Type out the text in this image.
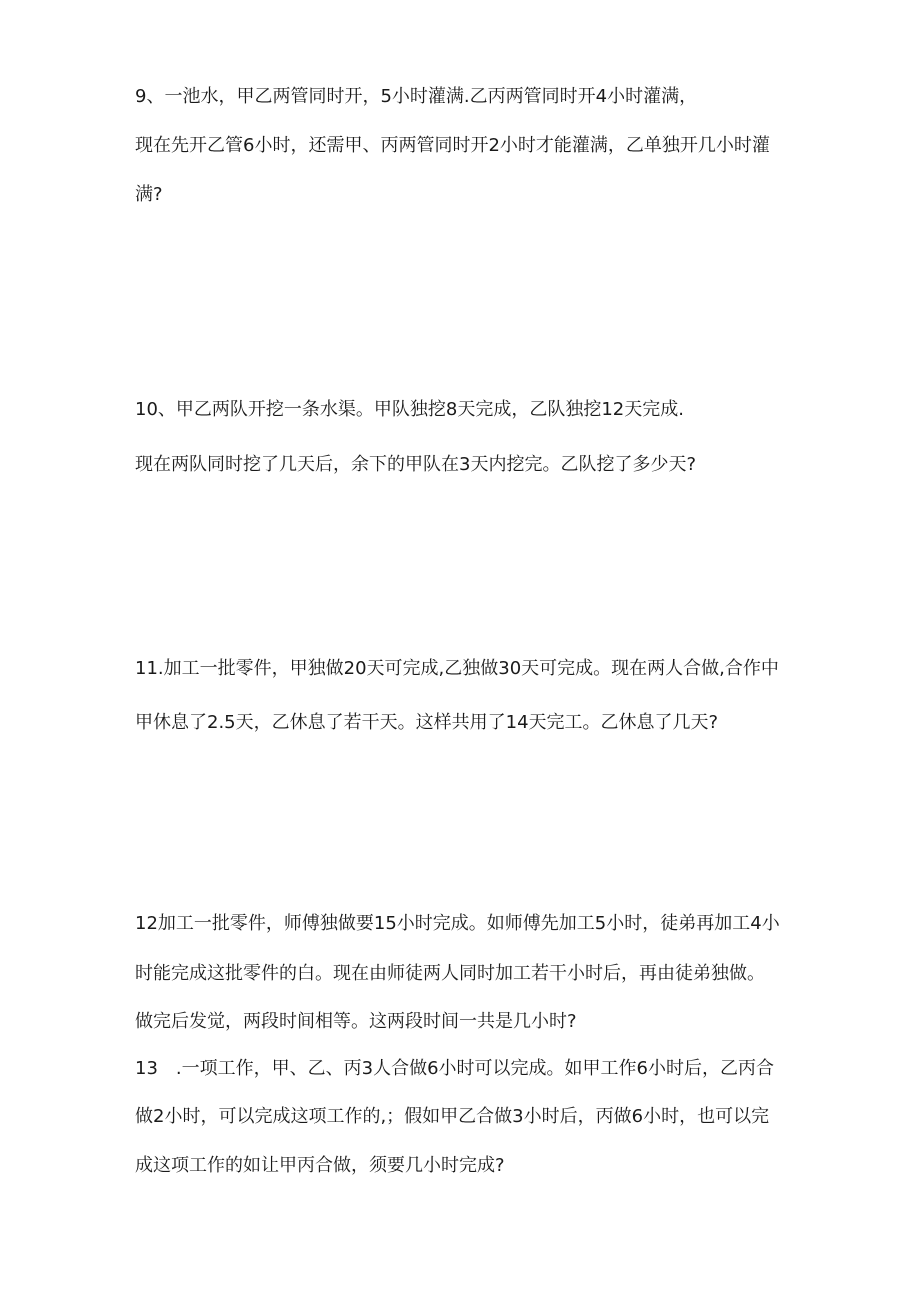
9、一池水，甲乙两管同时开，5小时灌满.乙丙两管同时开4小时灌满，
现在先开乙管6小时，还需甲、丙两管同时开2小时才能灌满，乙单独开几小时灌
满?
10、甲乙两队开挖一条水渠。甲队独挖8天完成，乙队独挖12天完成.
现在两队同时挖了几天后，余下的甲队在3天内挖完。乙队挖了多少天?
11.加工一批零件，甲独做20天可完成,乙独做30天可完成。现在两人合做,合作中
甲休息了2.5天，乙休息了若干天。这样共用了14天完工。乙休息了几天?
12加工一批零件，师傅独做要15小时完成。如师傅先加工5小时，徒弟再加工4小
时能完成这批零件的白。现在由师徒两人同时加工若干小时后，再由徒弟独做。
做完后发觉，两段时间相等。这两段时间一共是几小时?
13　.一项工作，甲、乙、丙3人合做6小时可以完成。如甲工作6小时后，乙丙合
做2小时，可以完成这项工作的,；假如甲乙合做3小时后，丙做6小时，也可以完
成这项工作的如让甲丙合做，须要几小时完成?
